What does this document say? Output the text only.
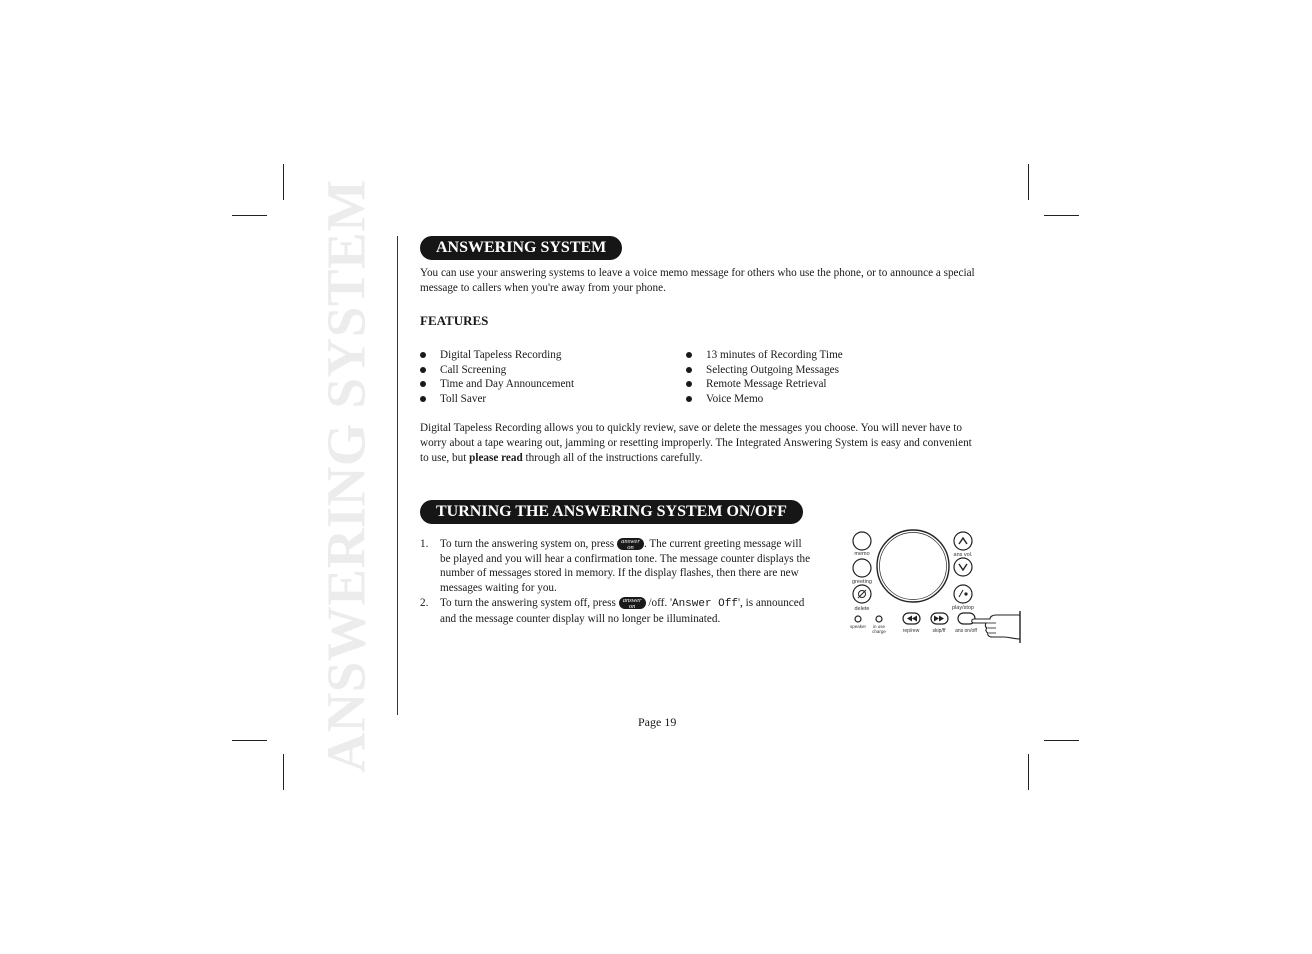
ANSWERING SYSTEM	ANSWERING SYSTEM
You can use your answering systems to leave a voice memo message for others who use the phone, or to announce a special message to callers when you're away from your phone.
FEATURES
Digital Tapeless Recording
Call Screening
Time and Day Announcement
Toll Saver
13 minutes of Recording Time
Selecting Outgoing Messages
Remote Message Retrieval
Voice Memo
Digital Tapeless Recording allows you to quickly review, save or delete the messages you choose. You will never have to worry about a tape wearing out, jamming or resetting improperly. The Integrated Answering System is easy and convenient to use, but please read through all of the instructions carefully.
TURNING THE ANSWERING SYSTEM ON/OFF
1. To turn the answering system on, press answer
on . The current greeting message will be played and you will hear a confirmation tone. The message counter displays the number of messages stored in memory. If the display flashes, then there are new messages waiting for you.
2. To turn the answering system off, press answer
on /off. 'Answer Off', is announced and the message counter display will no longer be illuminated.
memo
greeting
delete
ans vol.
play/stop
speaker in use
charge	rep/rew	skip/ff ans on/off
Page 19
